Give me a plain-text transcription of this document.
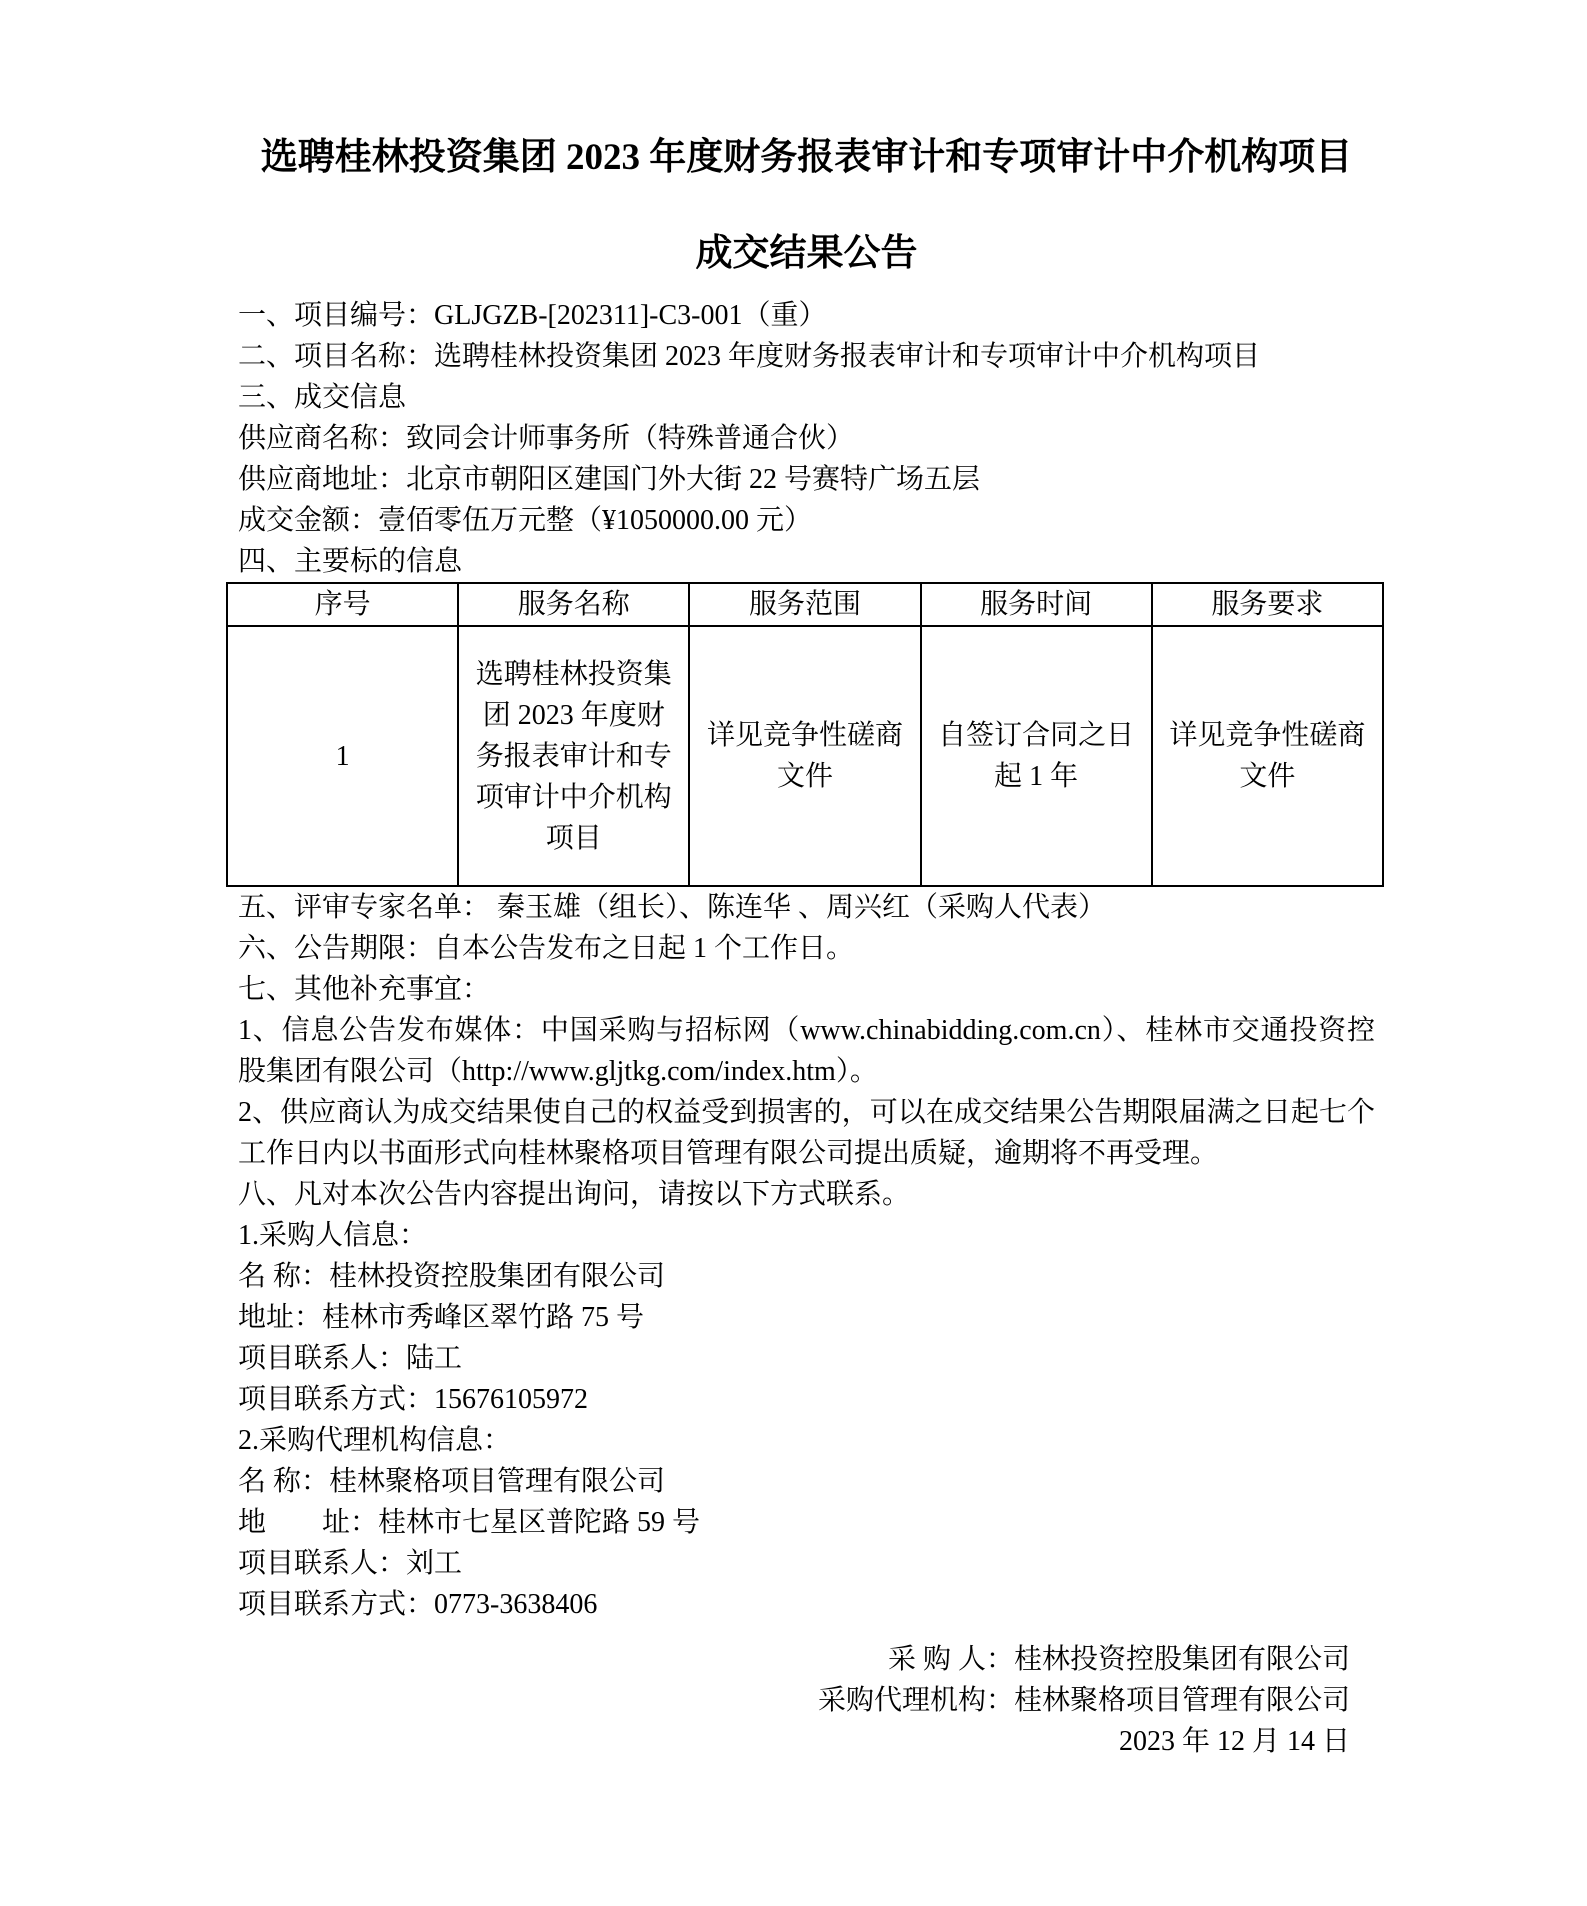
选聘桂林投资集团 2023 年度财务报表审计和专项审计中介机构项目
成交结果公告

一、项目编号：GLJGZB-[202311]-C3-001（重）

二、项目名称：选聘桂林投资集团 2023 年度财务报表审计和专项审计中介机构项目

三、成交信息

供应商名称：致同会计师事务所（特殊普通合伙）

供应商地址：北京市朝阳区建国门外大街 22 号赛特广场五层

成交金额：壹佰零伍万元整（¥1050000.00 元）

四、主要标的信息

序号	服务名称	服务范围	服务时间	服务要求
1	选聘桂林投资集团 2023 年度财务报表审计和专项审计中介机构项目	详见竞争性磋商文件	自签订合同之日起 1 年	详见竞争性磋商文件

五、评审专家名单： 秦玉雄（组长）、陈连华 、周兴红（采购人代表）

六、公告期限：自本公告发布之日起 1 个工作日。

七、其他补充事宜：

1、信息公告发布媒体：中国采购与招标网（www.chinabidding.com.cn）、桂林市交通投资控股集团有限公司（http://www.gljtkg.com/index.htm）。

2、供应商认为成交结果使自己的权益受到损害的，可以在成交结果公告期限届满之日起七个工作日内以书面形式向桂林聚格项目管理有限公司提出质疑，逾期将不再受理。

八、凡对本次公告内容提出询问，请按以下方式联系。

1.采购人信息：

名 称：桂林投资控股集团有限公司

地址：桂林市秀峰区翠竹路 75 号

项目联系人：陆工

项目联系方式：15676105972

2.采购代理机构信息：

名 称：桂林聚格项目管理有限公司

地　　址：桂林市七星区普陀路 59 号

项目联系人：刘工

项目联系方式：0773-3638406

采 购 人：桂林投资控股集团有限公司

采购代理机构：桂林聚格项目管理有限公司

2023 年 12 月 14 日
